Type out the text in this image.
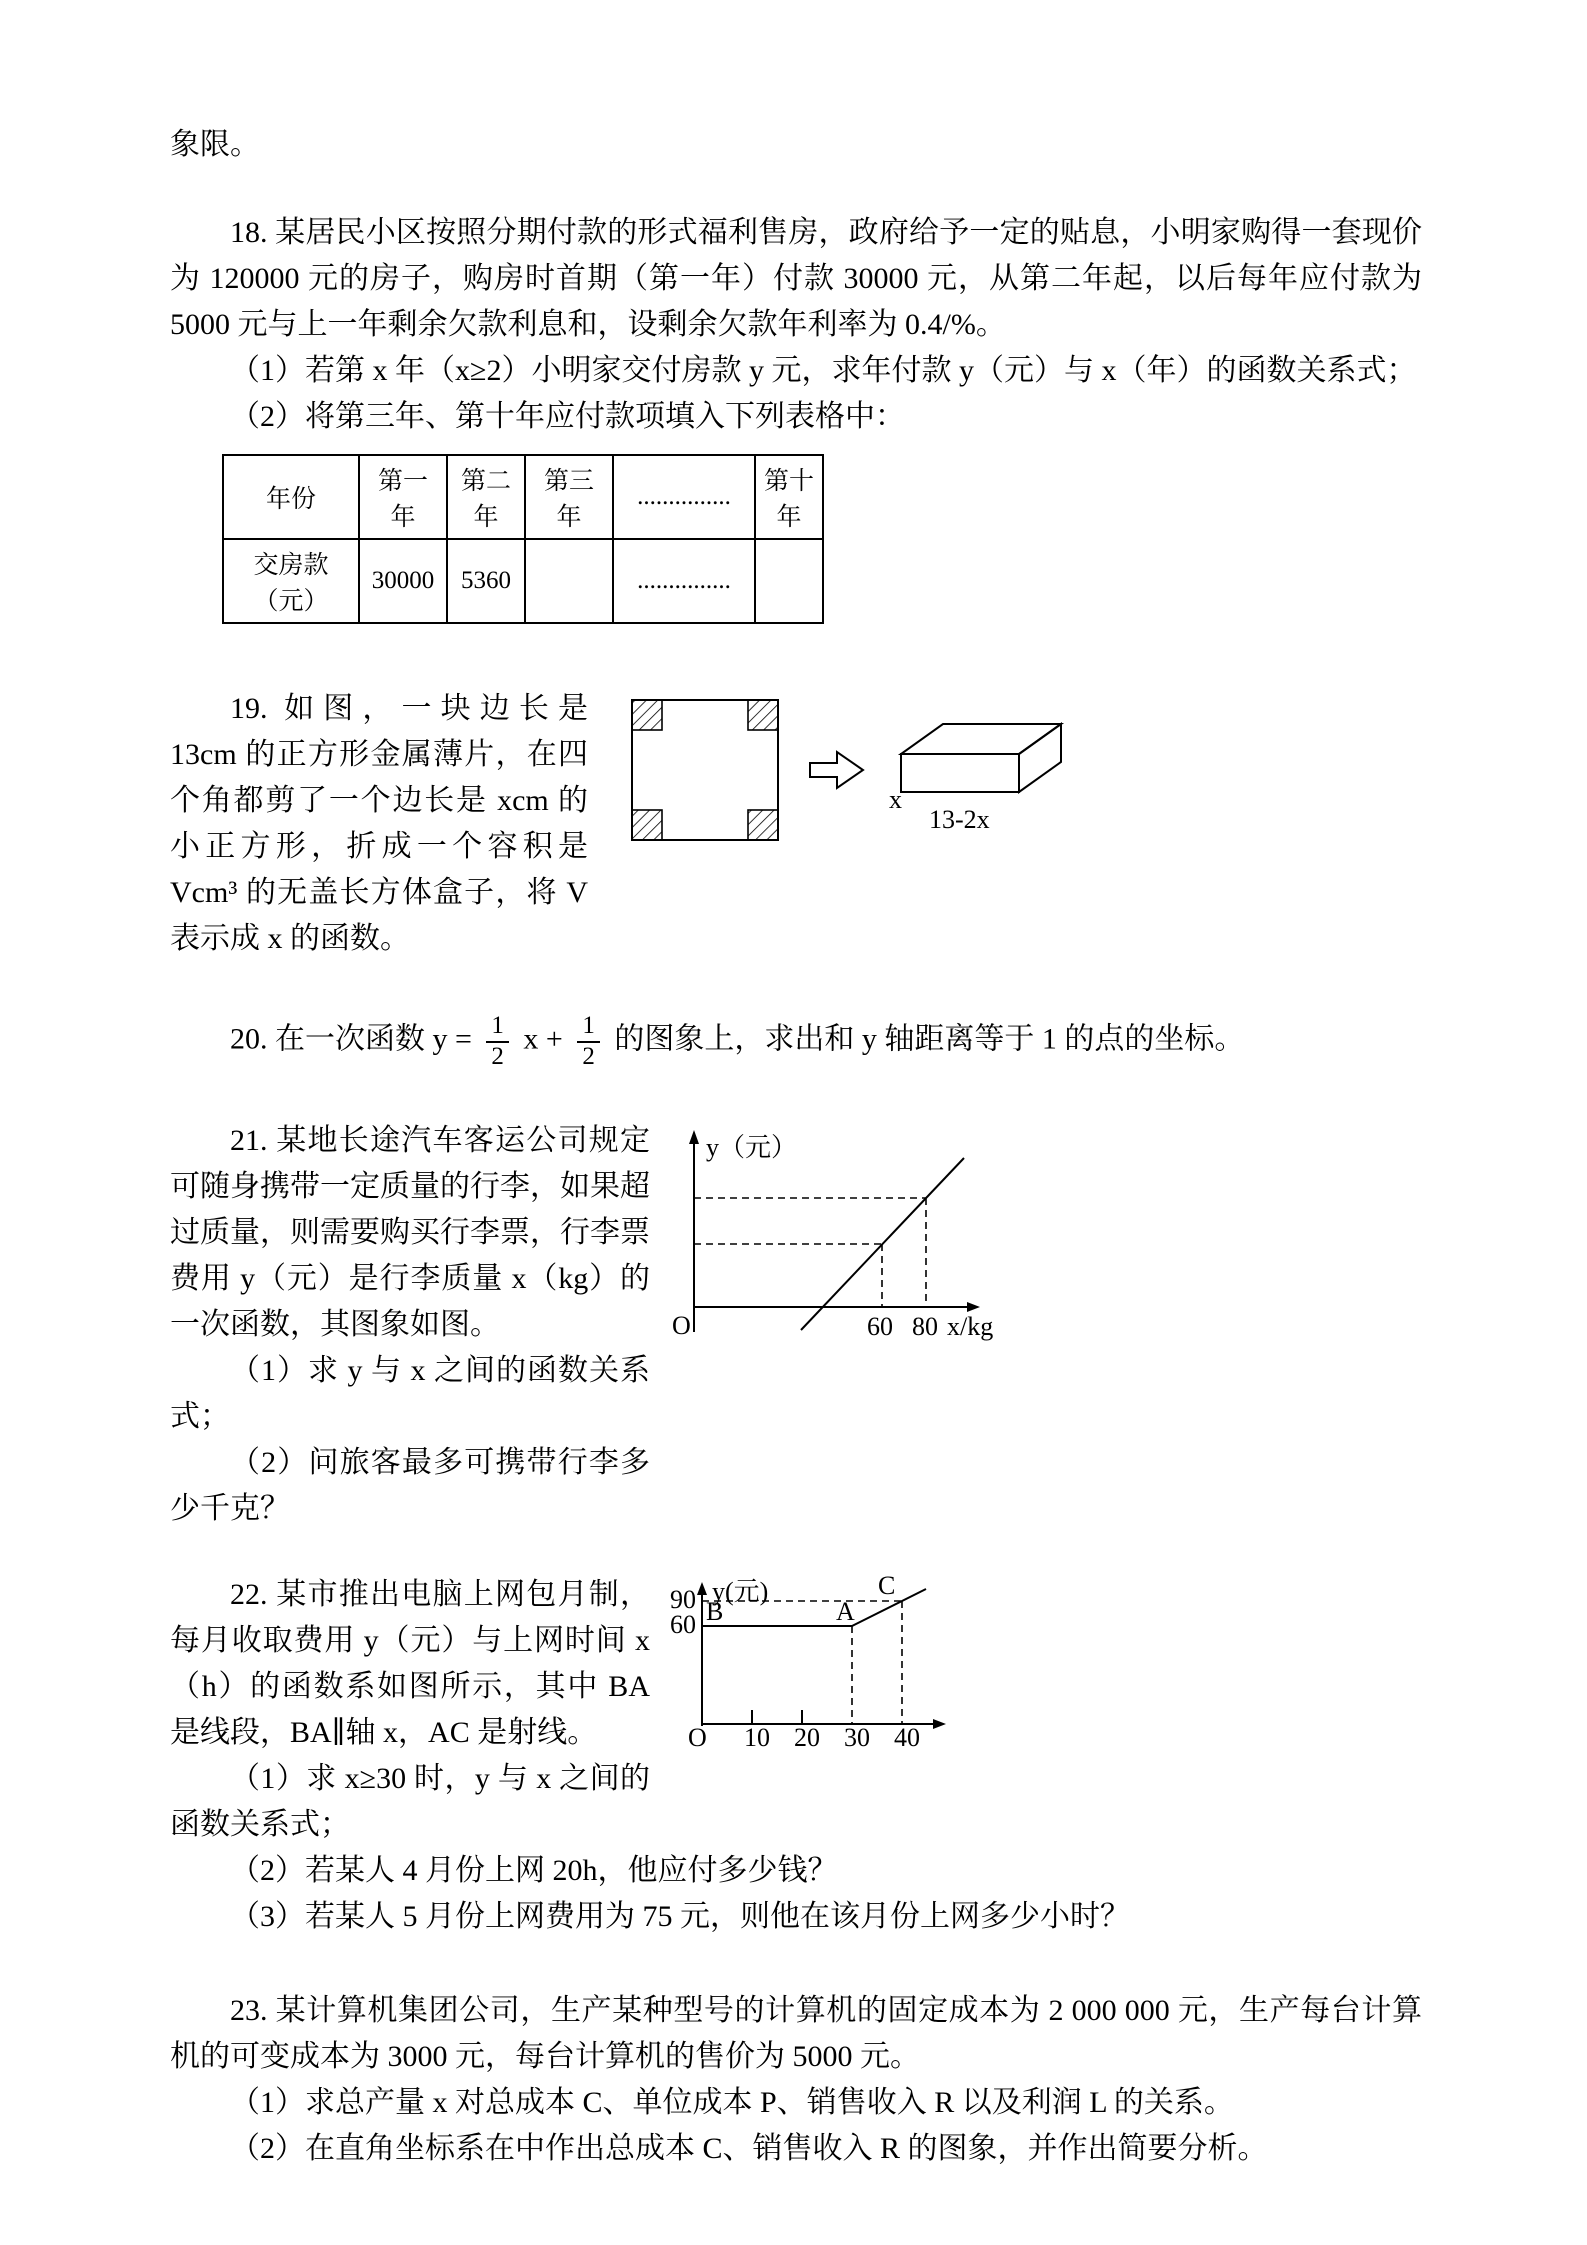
象限。

18. 某居民小区按照分期付款的形式福利售房，政府给予一定的贴息，小明家购得一套现价为 120000 元的房子，购房时首期（第一年）付款 30000 元，从第二年起，以后每年应付款为 5000 元与上一年剩余欠款利息和，设剩余欠款年利率为 0.4/%。

（1）若第 x 年（x≥2）小明家交付房款 y 元，求年付款 y（元）与 x（年）的函数关系式；

（2）将第三年、第十年应付款项填入下列表格中：

年份	第一年	第二年	第三年	...............	第十年
交房款（元）	30000	5360		...............	

19. 如图，一块边长是 13cm 的正方形金属薄片，在四个角都剪了一个边长是 xcm 的小正方形，折成一个容积是 Vcm³ 的无盖长方体盒子，将 V 表示成 x 的函数。

x
13-2x

20. 在一次函数 $y = \frac{1}{2}$ $x + \frac{1}{2}$ 的图象上，求出和 y 轴距离等于 1 的点的坐标。

21. 某地长途汽车客运公司规定可随身携带一定质量的行李，如果超过质量，则需要购买行李票，行李票费用 y（元）是行李质量 x（kg）的一次函数，其图象如图。

（1）求 y 与 x 之间的函数关系式；

（2）问旅客最多可携带行李多少千克？

y（元）
O	60 80 x/kg

22. 某市推出电脑上网包月制，每月收取费用 y（元）与上网时间 x（h）的函数系如图所示，其中 BA 是线段，BA∥轴 x，AC 是射线。

（1）求 x≥30 时，y 与 x 之间的函数关系式；

90
60
y(元)
B	A
C
O 10 20 30 40

（2）若某人 4 月份上网 20h，他应付多少钱？

（3）若某人 5 月份上网费用为 75 元，则他在该月份上网多少小时？

23. 某计算机集团公司，生产某种型号的计算机的固定成本为 2 000 000 元，生产每台计算机的可变成本为 3000 元，每台计算机的售价为 5000 元。

（1）求总产量 x 对总成本 C、单位成本 P、销售收入 R 以及利润 L 的关系。

（2）在直角坐标系在中作出总成本 C、销售收入 R 的图象，并作出简要分析。
